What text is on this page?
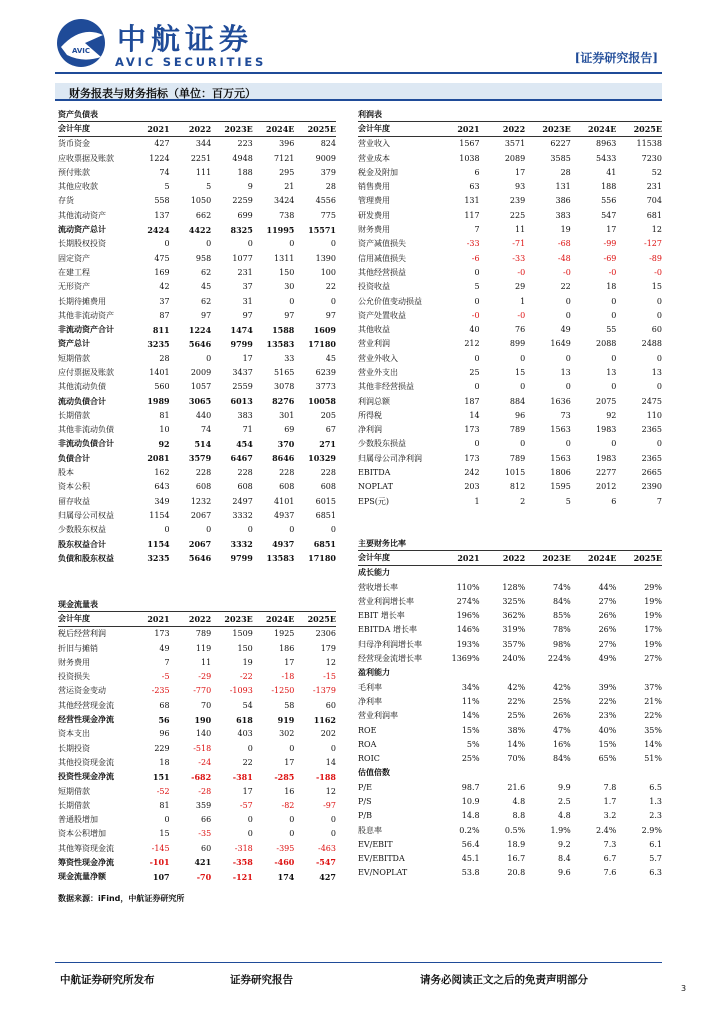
AVIC 中航证券
AVIC SECURITIES	[证券研究报告]
财务报表与财务指标（单位：百万元）
资产负债表
会计年度	2021	2022	2023E	2024E	2025E
货币资金	427	344	223	396	824
应收票据及账款	1224	2251	4948	7121	9009
预付账款	74	111	188	295	379
其他应收款	5	5	9	21	28
存货	558	1050	2259	3424	4556
其他流动资产	137	662	699	738	775
流动资产总计	2424	4422	8325	11995	15571
长期股权投资	0	0	0	0	0
固定资产	475	958	1077	1311	1390
在建工程	169	62	231	150	100
无形资产	42	45	37	30	22
长期待摊费用	37	62	31	0	0
其他非流动资产	87	97	97	97	97
非流动资产合计	811	1224	1474	1588	1609
资产总计	3235	5646	9799	13583	17180
短期借款	28	0	17	33	45
应付票据及账款	1401	2009	3437	5165	6239
其他流动负债	560	1057	2559	3078	3773
流动负债合计	1989	3065	6013	8276	10058
长期借款	81	440	383	301	205
其他非流动负债	10	74	71	69	67
非流动负债合计	92	514	454	370	271
负债合计	2081	3579	6467	8646	10329
股本	162	228	228	228	228
资本公积	643	608	608	608	608
留存收益	349	1232	2497	4101	6015
归属母公司权益	1154	2067	3332	4937	6851
少数股东权益	0	0	0	0	0
股东权益合计	1154	2067	3332	4937	6851
负债和股东权益	3235	5646	9799	13583	17180
现金流量表
会计年度	2021	2022	2023E	2024E	2025E
税后经营利润	173	789	1509	1925	2306
折旧与摊销	49	119	150	186	179
财务费用	7	11	19	17	12
投资损失	-5	-29	-22	-18	-15
营运资金变动	-235	-770	-1093	-1250	-1379
其他经营现金流	68	70	54	58	60
经营性现金净流	56	190	618	919	1162
资本支出	96	140	403	302	202
长期投资	229	-518	0	0	0
其他投资现金流	18	-24	22	17	14
投资性现金净流	151	-682	-381	-285	-188
短期借款	-52	-28	17	16	12
长期借款	81	359	-57	-82	-97
普通股增加	0	66	0	0	0
资本公积增加	15	-35	0	0	0
其他筹资现金流	-145	60	-318	-395	-463
筹资性现金净流	-101	421	-358	-460	-547
现金流量净额	107	-70	-121	174	427
利润表
会计年度	2021	2022	2023E	2024E	2025E
营业收入	1567	3571	6227	8963	11538
营业成本	1038	2089	3585	5433	7230
税金及附加	6	17	28	41	52
销售费用	63	93	131	188	231
管理费用	131	239	386	556	704
研发费用	117	225	383	547	681
财务费用	7	11	19	17	12
资产减值损失	-33	-71	-68	-99	-127
信用减值损失	-6	-33	-48	-69	-89
其他经营损益	0	-0	-0	-0	-0
投资收益	5	29	22	18	15
公允价值变动损益	0	1	0	0	0
资产处置收益	-0	-0	0	0	0
其他收益	40	76	49	55	60
营业利润	212	899	1649	2088	2488
营业外收入	0	0	0	0	0
营业外支出	25	15	13	13	13
其他非经营损益	0	0	0	0	0
利润总额	187	884	1636	2075	2475
所得税	14	96	73	92	110
净利润	173	789	1563	1983	2365
少数股东损益	0	0	0	0	0
归属母公司净利润	173	789	1563	1983	2365
EBITDA	242	1015	1806	2277	2665
NOPLAT	203	812	1595	2012	2390
EPS(元)	1	2	5	6	7
主要财务比率
会计年度	2021	2022	2023E	2024E	2025E
成长能力
营收增长率	110%	128%	74%	44%	29%
营业利润增长率	274%	325%	84%	27%	19%
EBIT 增长率	196%	362%	85%	26%	19%
EBITDA 增长率	146%	319%	78%	26%	17%
归母净利润增长率	193%	357%	98%	27%	19%
经营现金流增长率	1369%	240%	224%	49%	27%
盈利能力
毛利率	34%	42%	42%	39%	37%
净利率	11%	22%	25%	22%	21%
营业利润率	14%	25%	26%	23%	22%
ROE	15%	38%	47%	40%	35%
ROA	5%	14%	16%	15%	14%
ROIC	25%	70%	84%	65%	51%
估值倍数
P/E	98.7	21.6	9.9	7.8	6.5
P/S	10.9	4.8	2.5	1.7	1.3
P/B	14.8	8.8	4.8	3.2	2.3
股息率	0.2%	0.5%	1.9%	2.4%	2.9%
EV/EBIT	56.4	18.9	9.2	7.3	6.1
EV/EBITDA	45.1	16.7	8.4	6.7	5.7
EV/NOPLAT	53.8	20.8	9.6	7.6	6.3
数据来源：iFind，中航证券研究所
中航证券研究所发布	证券研究报告	请务必阅读正文之后的免责声明部分
3
